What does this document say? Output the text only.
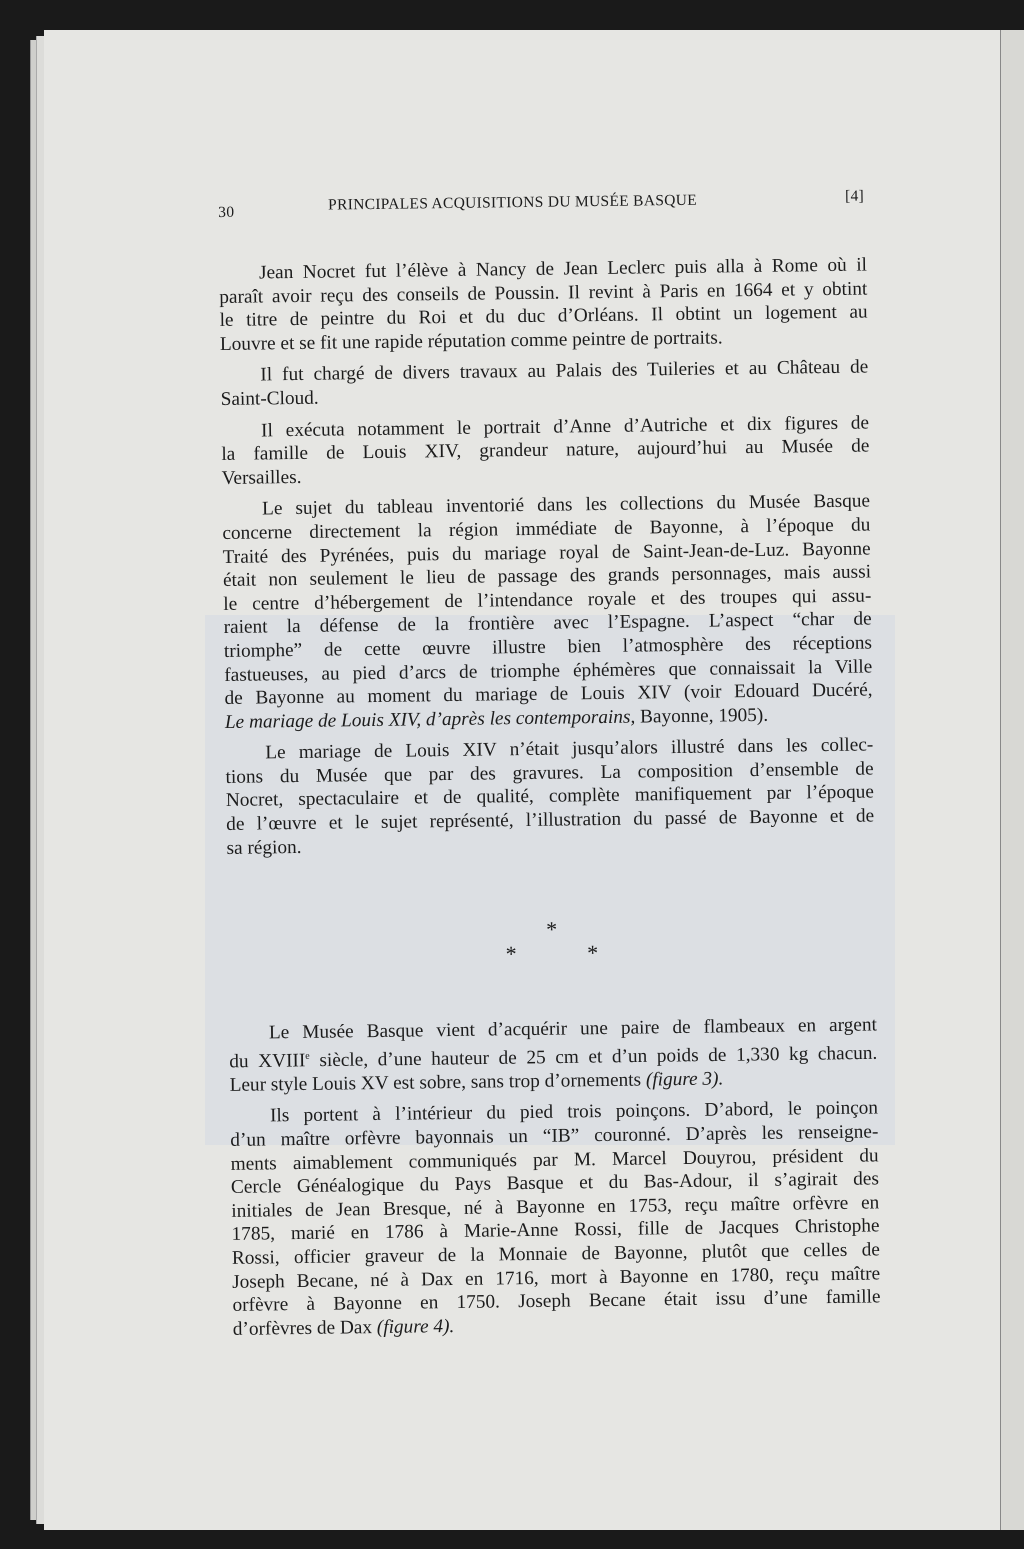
30	PRINCIPALES ACQUISITIONS DU MUSÉE BASQUE	[4]
Jean Nocret fut l’élève à Nancy de Jean Leclerc puis alla à Rome où il
paraît avoir reçu des conseils de Poussin. Il revint à Paris en 1664 et y obtint
le titre de peintre du Roi et du duc d’Orléans. Il obtint un logement au
Louvre et se fit une rapide réputation comme peintre de portraits.
Il fut chargé de divers travaux au Palais des Tuileries et au Château de
Saint-Cloud.
Il exécuta notamment le portrait d’Anne d’Autriche et dix figures de
la famille de Louis XIV, grandeur nature, aujourd’hui au Musée de
Versailles.
Le sujet du tableau inventorié dans les collections du Musée Basque
concerne directement la région immédiate de Bayonne, à l’époque du
Traité des Pyrénées, puis du mariage royal de Saint-Jean-de-Luz. Bayonne
était non seulement le lieu de passage des grands personnages, mais aussi
le centre d’hébergement de l’intendance royale et des troupes qui assu-
raient la défense de la frontière avec l’Espagne. L’aspect “char de
triomphe” de cette œuvre illustre bien l’atmosphère des réceptions
fastueuses, au pied d’arcs de triomphe éphémères que connaissait la Ville
de Bayonne au moment du mariage de Louis XIV (voir Edouard Ducéré,
Le mariage de Louis XIV, d’après les contemporains, Bayonne, 1905).
Le mariage de Louis XIV n’était jusqu’alors illustré dans les collec-
tions du Musée que par des gravures. La composition d’ensemble de
Nocret, spectaculaire et de qualité, complète manifiquement par l’époque
de l’œuvre et le sujet représenté, l’illustration du passé de Bayonne et de
sa région.
*
*   *
Le Musée Basque vient d’acquérir une paire de flambeaux en argent
du XVIIIe siècle, d’une hauteur de 25 cm et d’un poids de 1,330 kg chacun.
Leur style Louis XV est sobre, sans trop d’ornements (figure 3).
Ils portent à l’intérieur du pied trois poinçons. D’abord, le poinçon
d’un maître orfèvre bayonnais un “IB” couronné. D’après les renseigne-
ments aimablement communiqués par M. Marcel Douyrou, président du
Cercle Généalogique du Pays Basque et du Bas-Adour, il s’agirait des
initiales de Jean Bresque, né à Bayonne en 1753, reçu maître orfèvre en
1785, marié en 1786 à Marie-Anne Rossi, fille de Jacques Christophe
Rossi, officier graveur de la Monnaie de Bayonne, plutôt que celles de
Joseph Becane, né à Dax en 1716, mort à Bayonne en 1780, reçu maître
orfèvre à Bayonne en 1750. Joseph Becane était issu d’une famille
d’orfèvres de Dax (figure 4).
